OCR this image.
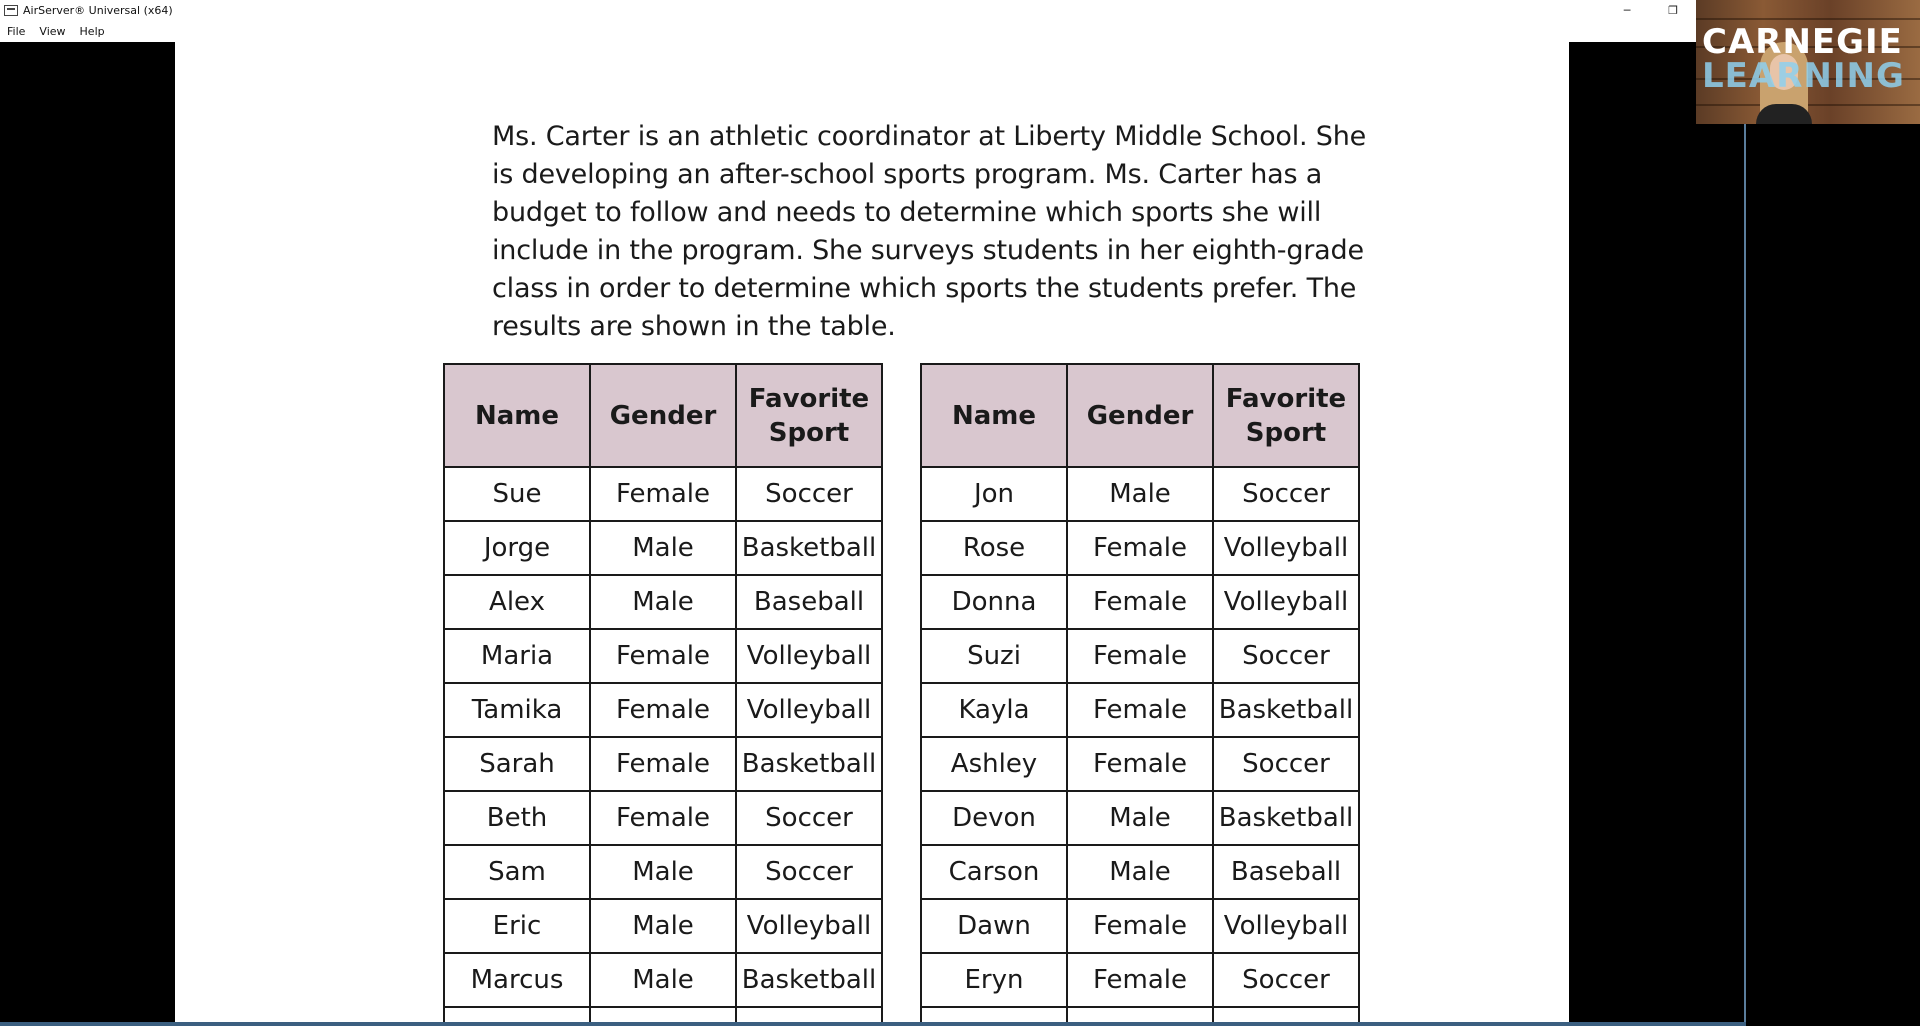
AirServer® Universal (x64)	─	❐
File	View	Help

Ms. Carter is an athletic coordinator at Liberty Middle School. She is developing an after-school sports program. Ms. Carter has a budget to follow and needs to determine which sports she will include in the program. She surveys students in her eighth-grade class in order to determine which sports the students prefer. The results are shown in the table.

Name	Gender	Favorite Sport
Sue	Female	Soccer
Jorge	Male	Basketball
Alex	Male	Baseball
Maria	Female	Volleyball
Tamika	Female	Volleyball
Sarah	Female	Basketball
Beth	Female	Soccer
Sam	Male	Soccer
Eric	Male	Volleyball
Marcus	Male	Basketball

Name	Gender	Favorite Sport
Jon	Male	Soccer
Rose	Female	Volleyball
Donna	Female	Volleyball
Suzi	Female	Soccer
Kayla	Female	Basketball
Ashley	Female	Soccer
Devon	Male	Basketball
Carson	Male	Baseball
Dawn	Female	Volleyball
Eryn	Female	Soccer

CARNEGIE
LEARNING
